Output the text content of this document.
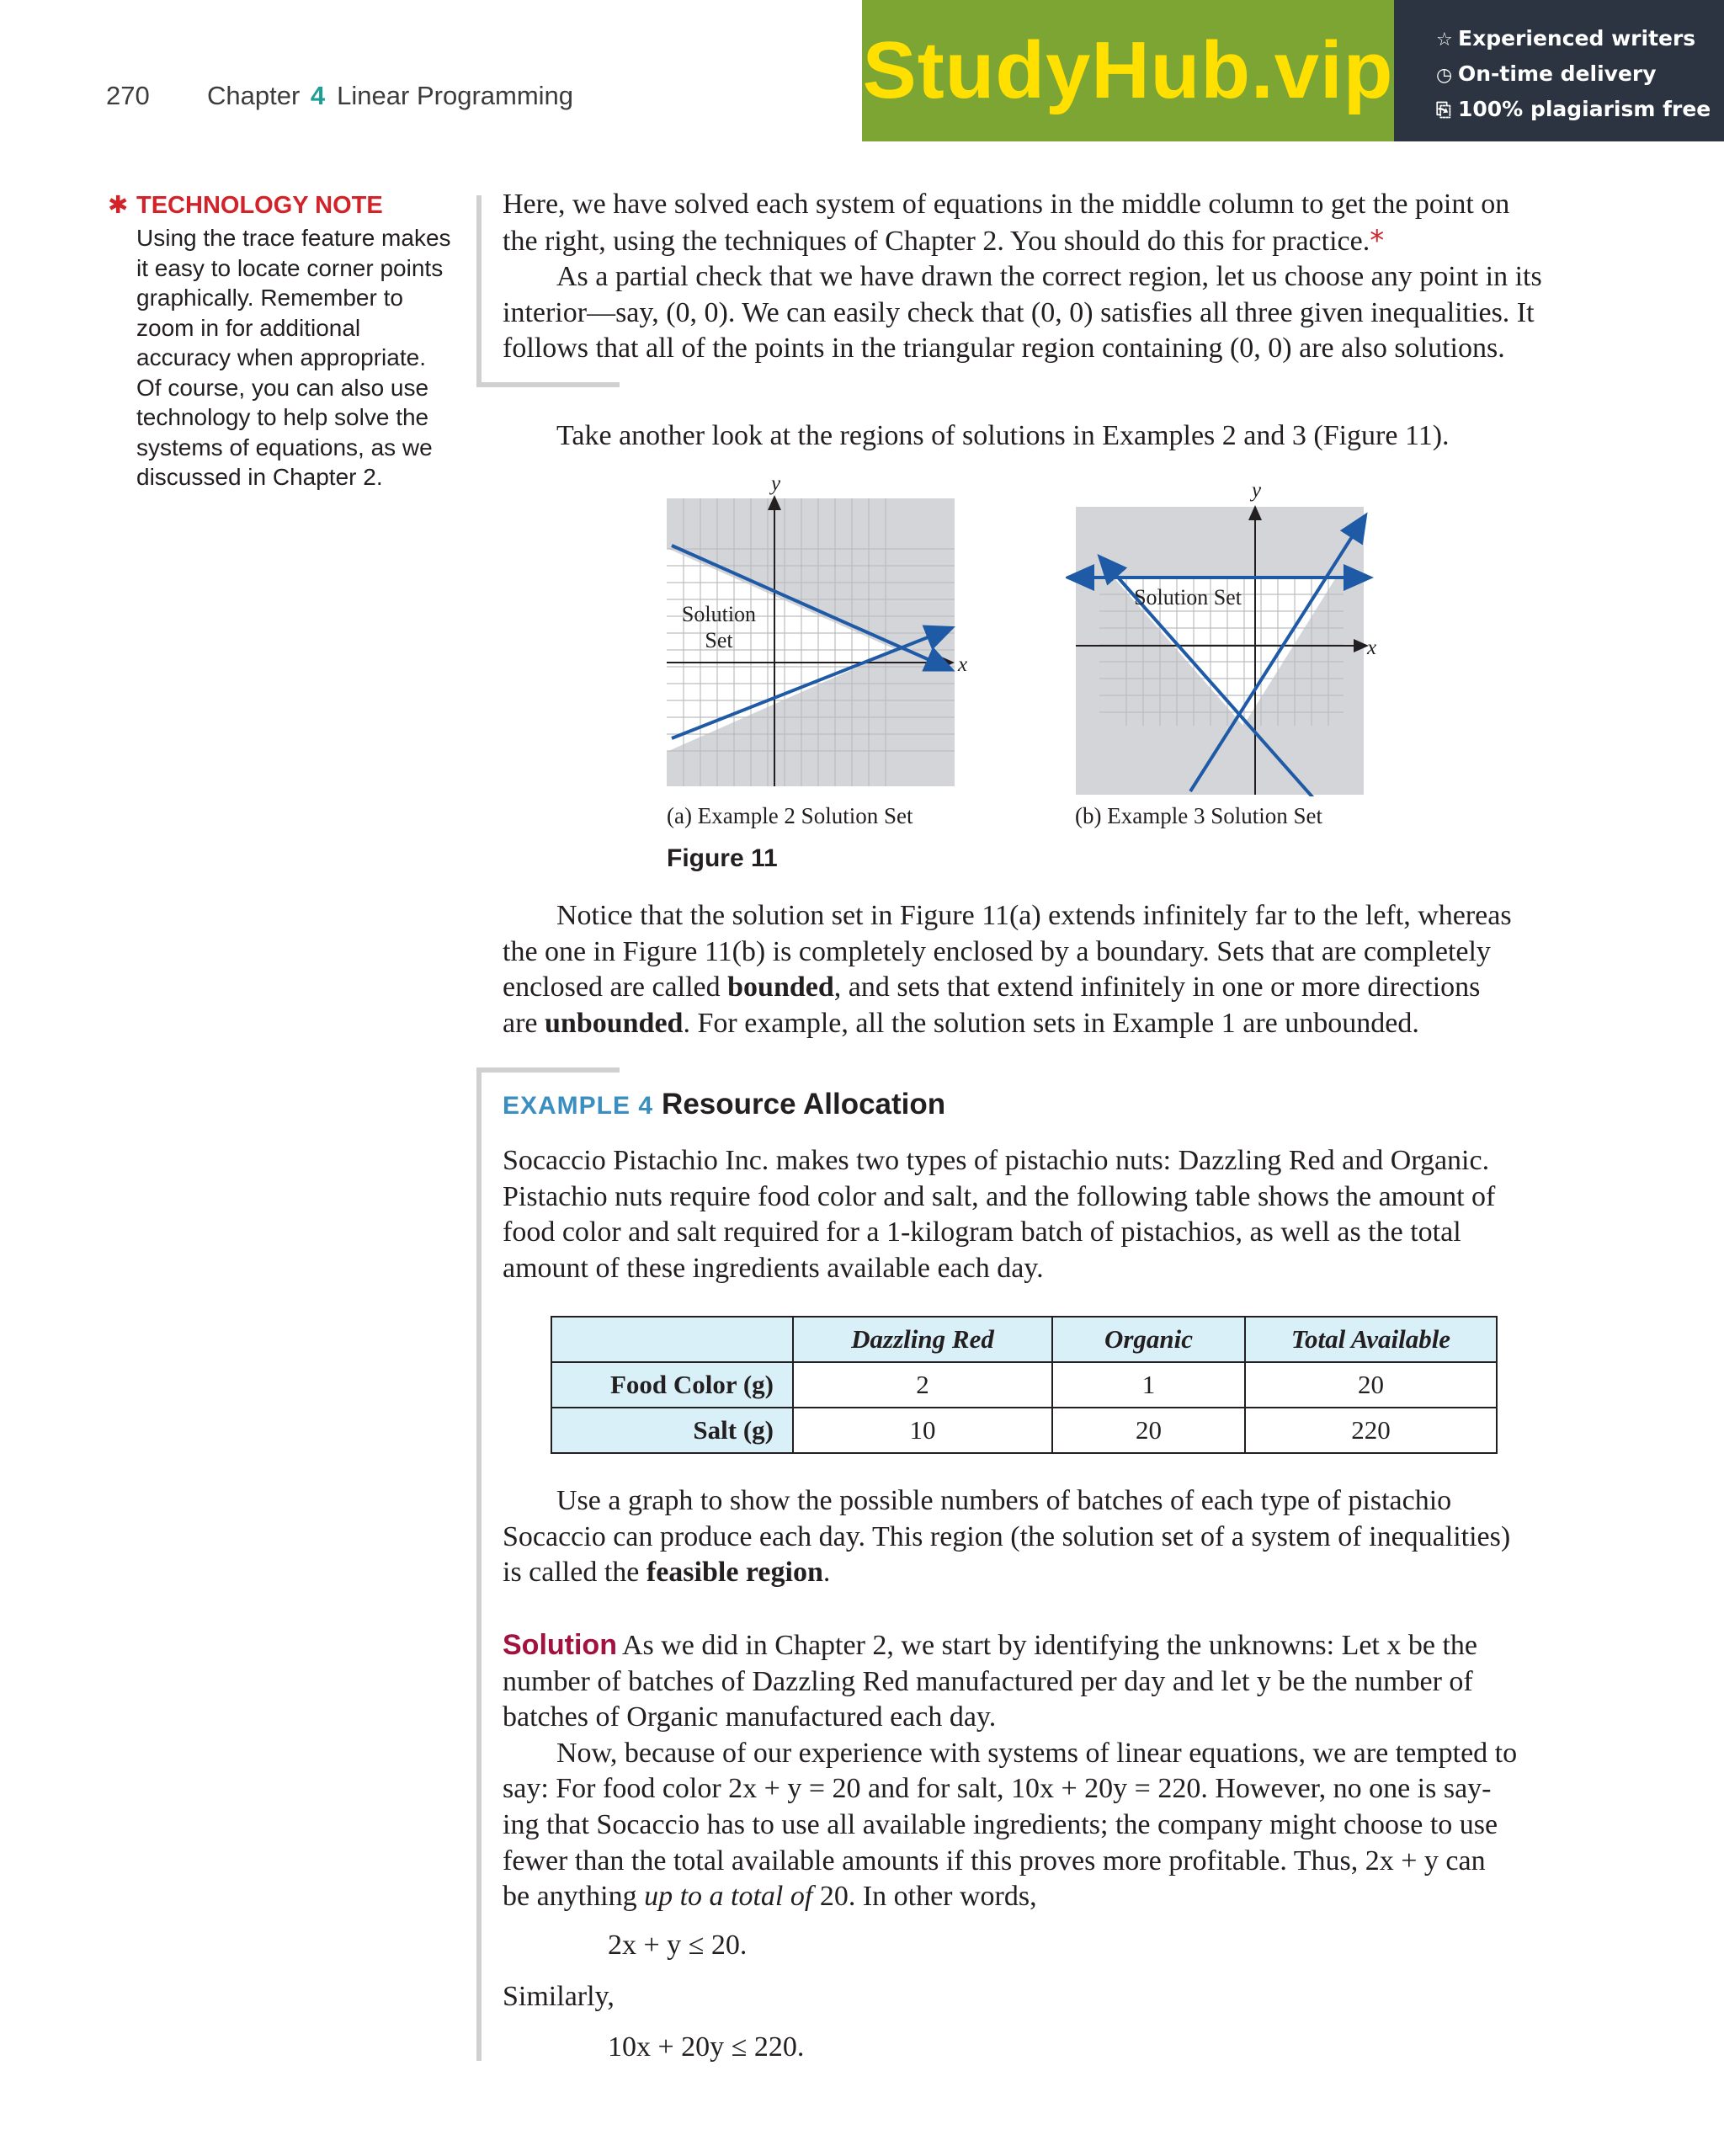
270 Chapter 4 Linear Programming	StudyHub.vip ☆ Experienced writers
◷ On-time delivery
⎘ 100% plagiarism free
✱ TECHNOLOGY NOTE
Using the trace feature makes
it easy to locate corner points
graphically. Remember to
zoom in for additional
accuracy when appropriate.
Of course, you can also use
technology to help solve the
systems of equations, as we
discussed in Chapter 2.
Here, we have solved each system of equations in the middle column to get the point on
the right, using the techniques of Chapter 2. You should do this for practice.*
As a partial check that we have drawn the correct region, let us choose any point in its
interior—say, (0, 0). We can easily check that (0, 0) satisfies all three given inequalities. It
follows that all of the points in the triangular region containing (0, 0) are also solutions.
Take another look at the regions of solutions in Examples 2 and 3 (Figure 11).
y
x
Solution
Set
(a) Example 2 Solution Set
y
x
Solution Set
(b) Example 3 Solution Set
Figure 11
Notice that the solution set in Figure 11(a) extends infinitely far to the left, whereas
the one in Figure 11(b) is completely enclosed by a boundary. Sets that are completely
enclosed are called bounded, and sets that extend infinitely in one or more directions
are unbounded. For example, all the solution sets in Example 1 are unbounded.
EXAMPLE 4 Resource Allocation
Socaccio Pistachio Inc. makes two types of pistachio nuts: Dazzling Red and Organic.
Pistachio nuts require food color and salt, and the following table shows the amount of
food color and salt required for a 1-kilogram batch of pistachios, as well as the total
amount of these ingredients available each day.
	Dazzling Red	Organic	Total Available
Food Color (g)	2	1	20
Salt (g)	10	20	220
Use a graph to show the possible numbers of batches of each type of pistachio
Socaccio can produce each day. This region (the solution set of a system of inequalities)
is called the feasible region.
Solution As we did in Chapter 2, we start by identifying the unknowns: Let x be the
number of batches of Dazzling Red manufactured per day and let y be the number of
batches of Organic manufactured each day.
Now, because of our experience with systems of linear equations, we are tempted to
say: For food color 2x + y = 20 and for salt, 10x + 20y = 220. However, no one is say-
ing that Socaccio has to use all available ingredients; the company might choose to use
fewer than the total available amounts if this proves more profitable. Thus, 2x + y can
be anything up to a total of 20. In other words,
2x + y ≤ 20.
Similarly,
10x + 20y ≤ 220.
